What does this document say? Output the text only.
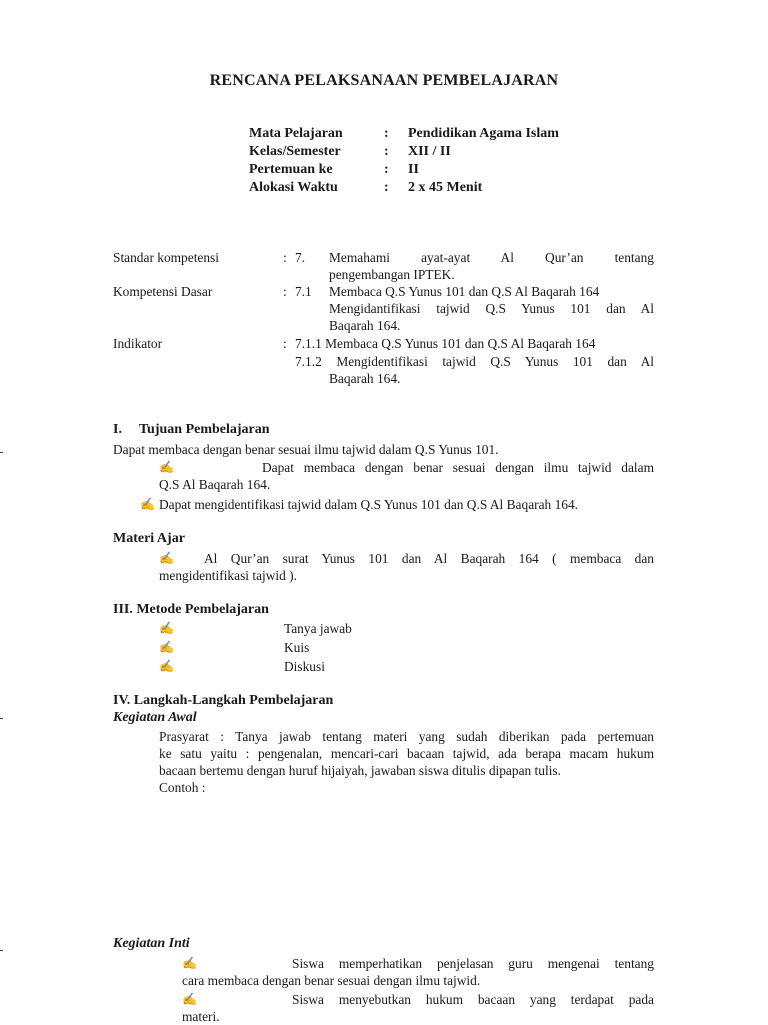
RENCANA PELAKSANAAN PEMBELAJARAN
Mata Pelajaran	: Pendidikan Agama Islam
Kelas/Semester	: XII / II
Pertemuan ke	: II
Alokasi Waktu	: 2 x 45 Menit
Standar kompetensi	: 7. Memahami ayat-ayat Al Qur’an tentang
pengembangan IPTEK.
Kompetensi Dasar	: 7.1 Membaca Q.S Yunus 101 dan Q.S Al Baqarah 164
Mengidantifikasi tajwid Q.S Yunus 101 dan Al
Baqarah 164.
Indikator	: 7.1.1 Membaca Q.S Yunus 101 dan Q.S Al Baqarah 164
7.1.2 Mengidentifikasi tajwid Q.S Yunus 101 dan Al
Baqarah 164.
I. Tujuan Pembelajaran
Dapat membaca dengan benar sesuai ilmu tajwid dalam Q.S Yunus 101.
✍	Dapat membaca dengan benar sesuai dengan ilmu tajwid dalam
Q.S Al Baqarah 164.
✍ Dapat mengidentifikasi tajwid dalam Q.S Yunus 101 dan Q.S Al Baqarah 164.
Materi Ajar
✍ Al Qur’an surat Yunus 101 dan Al Baqarah 164 ( membaca dan
mengidentifikasi tajwid ).
III. Metode Pembelajaran
✍	Tanya jawab
✍	Kuis
✍	Diskusi
IV. Langkah-Langkah Pembelajaran
Kegiatan Awal
Prasyarat : Tanya jawab tentang materi yang sudah diberikan pada pertemuan
ke satu yaitu : pengenalan, mencari-cari bacaan tajwid, ada berapa macam hukum
bacaan bertemu dengan huruf hijaiyah, jawaban siswa ditulis dipapan tulis.
Contoh :
Kegiatan Inti
✍	Siswa memperhatikan penjelasan guru mengenai tentang
cara membaca dengan benar sesuai dengan ilmu tajwid.
✍	Siswa menyebutkan hukum bacaan yang terdapat pada
materi.
